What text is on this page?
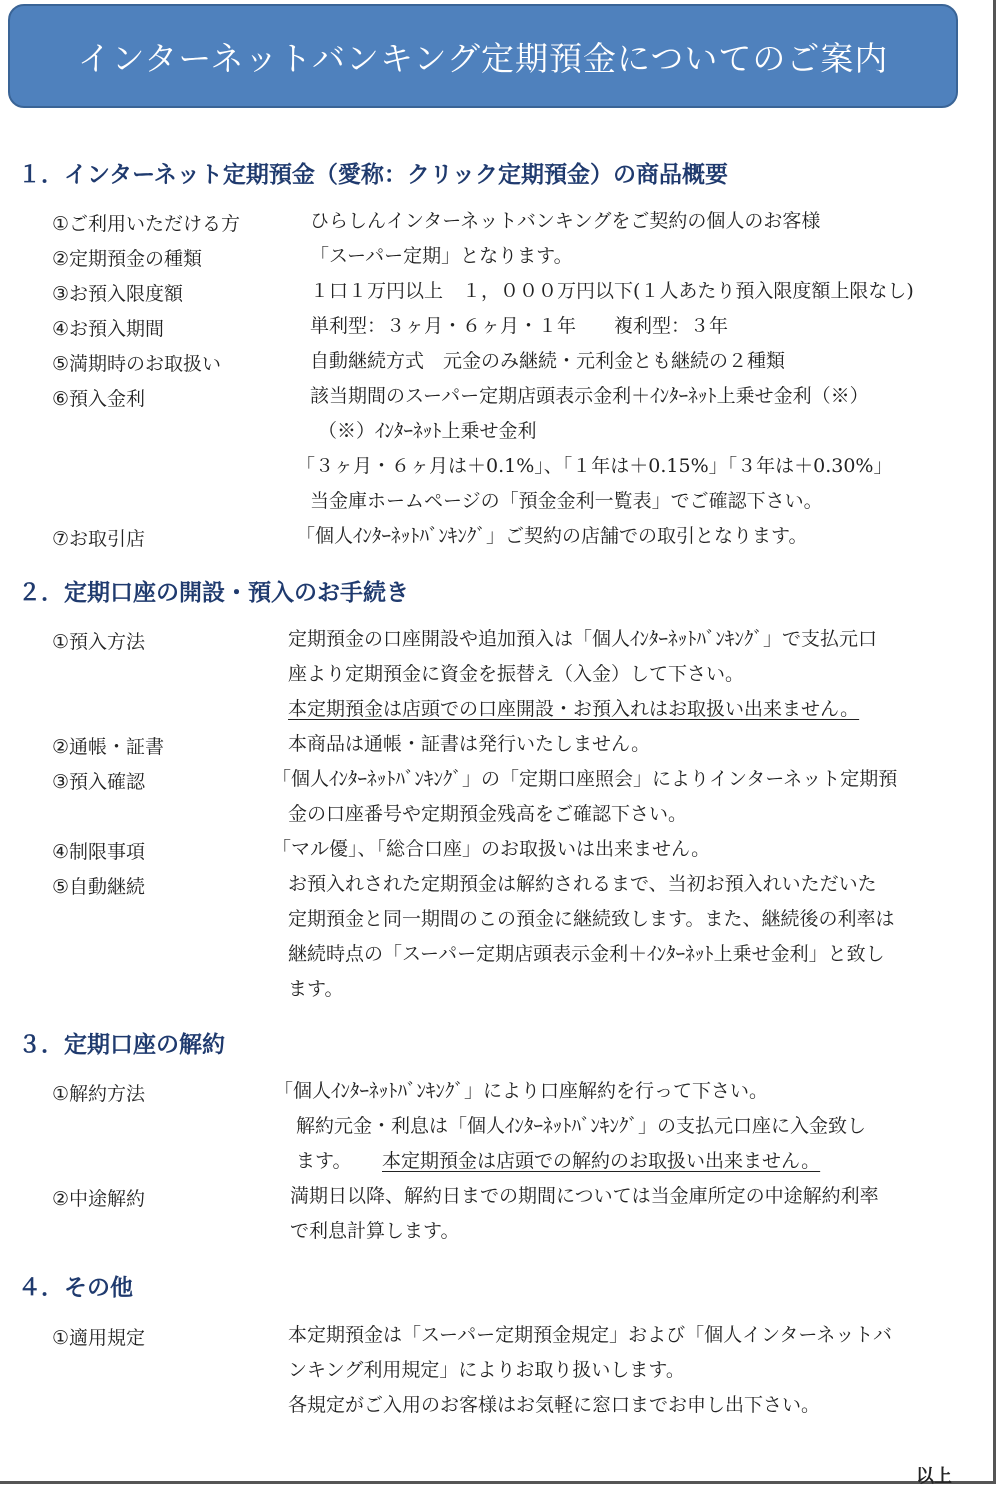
インターネットバンキング定期預金についてのご案内
１．インターネット定期預金（愛称：クリック定期預金）の商品概要
①ご利用いただける方	ひらしんインターネットバンキングをご契約の個人のお客様
②定期預金の種類	「スーパー定期」となります。
③お預入限度額	１口１万円以上　１，０００万円以下(１人あたり預入限度額上限なし)
④お預入期間	単利型：３ヶ月・６ヶ月・１年　　複利型：３年
⑤満期時のお取扱い	自動継続方式　元金のみ継続・元利金とも継続の２種類
⑥預入金利	該当期間のスーパー定期店頭表示金利＋ｲﾝﾀｰﾈｯﾄ上乗せ金利（※）
（※）ｲﾝﾀｰﾈｯﾄ上乗せ金利
「３ヶ月・６ヶ月は＋0.1%」、「１年は＋0.15%」「３年は＋0.30%」
当金庫ホームページの「預金金利一覧表」でご確認下さい。
⑦お取引店	「個人ｲﾝﾀｰﾈｯﾄﾊﾞﾝｷﾝｸﾞ」ご契約の店舗での取引となります。
２．定期口座の開設・預入のお手続き
①預入方法	定期預金の口座開設や追加預入は「個人ｲﾝﾀｰﾈｯﾄﾊﾞﾝｷﾝｸﾞ」で支払元口
座より定期預金に資金を振替え（入金）して下さい。
本定期預金は店頭での口座開設・お預入れはお取扱い出来ません。
②通帳・証書	本商品は通帳・証書は発行いたしません。
③預入確認	「個人ｲﾝﾀｰﾈｯﾄﾊﾞﾝｷﾝｸﾞ」の「定期口座照会」によりインターネット定期預
金の口座番号や定期預金残高をご確認下さい。
④制限事項	「マル優」、「総合口座」のお取扱いは出来ません。
⑤自動継続	お預入れされた定期預金は解約されるまで、当初お預入れいただいた
定期預金と同一期間のこの預金に継続致します。また、継続後の利率は
継続時点の「スーパー定期店頭表示金利＋ｲﾝﾀｰﾈｯﾄ上乗せ金利」と致し
ます。
３．定期口座の解約
①解約方法	「個人ｲﾝﾀｰﾈｯﾄﾊﾞﾝｷﾝｸﾞ」により口座解約を行って下さい。
解約元金・利息は「個人ｲﾝﾀｰﾈｯﾄﾊﾞﾝｷﾝｸﾞ」の支払元口座に入金致し
ます。 本定期預金は店頭での解約のお取扱い出来ません。
②中途解約	満期日以降、解約日までの期間については当金庫所定の中途解約利率
で利息計算します。
４．その他
①適用規定	本定期預金は「スーパー定期預金規定」および「個人インターネットバ
ンキング利用規定」によりお取り扱いします。
各規定がご入用のお客様はお気軽に窓口までお申し出下さい。
以上
